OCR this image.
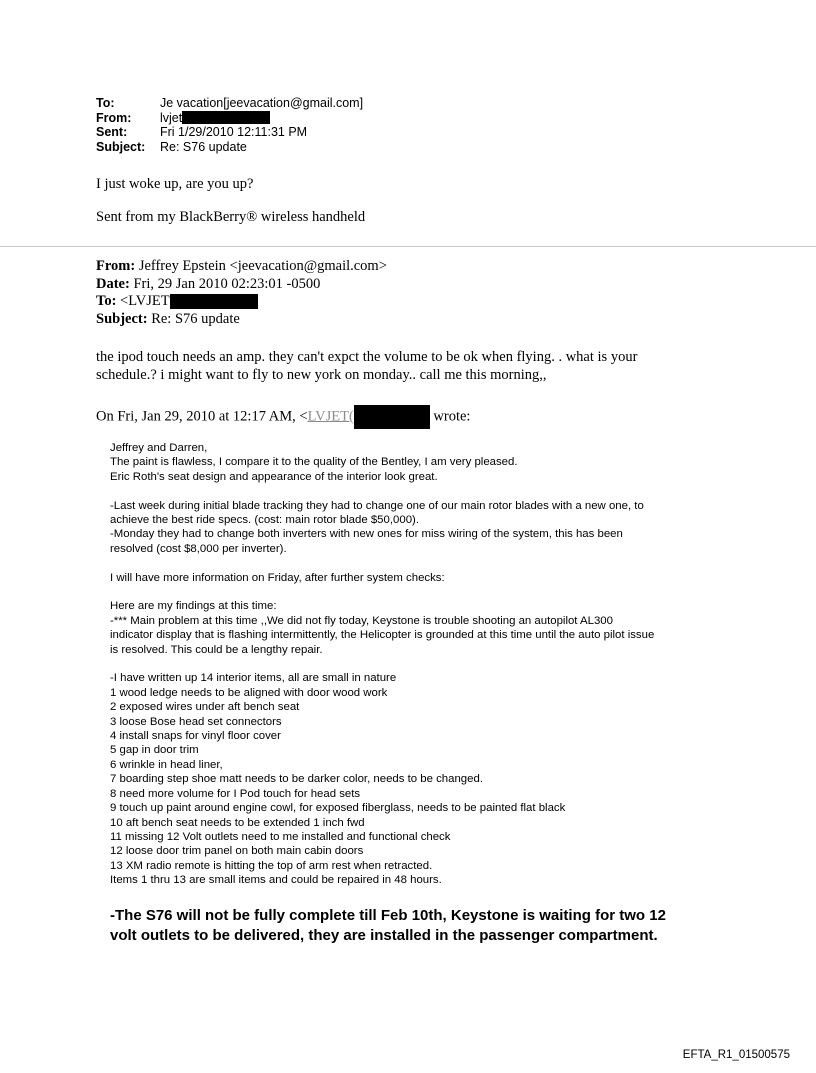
To:	Je vacation[jeevacation@gmail.com]
From:	lvjet
Sent:	Fri 1/29/2010 12:11:31 PM
Subject:	Re: S76 update
I just woke up, are you up?
Sent from my BlackBerry® wireless handheld
From: Jeffrey Epstein <jeevacation@gmail.com>
Date: Fri, 29 Jan 2010 02:23:01 -0500
To: <LVJET
Subject: Re: S76 update
the ipod touch needs an amp. they can't expct the volume to be ok when flying. . what is your
schedule.? i might want to fly to new york on monday.. call me this morning,,
On Fri, Jan 29, 2010 at 12:17 AM, <LVJET(	wrote:
Jeffrey and Darren,
The paint is flawless, I compare it to the quality of the Bentley, I am very pleased.
Eric Roth's seat design and appearance of the interior look great.
-Last week during initial blade tracking they had to change one of our main rotor blades with a new one, to
achieve the best ride specs. (cost: main rotor blade $50,000).
-Monday they had to change both inverters with new ones for miss wiring of the system, this has been
resolved (cost $8,000 per inverter).
I will have more information on Friday, after further system checks:
Here are my findings at this time:
-*** Main problem at this time ,,We did not fly today, Keystone is trouble shooting an autopilot AL300
indicator display that is flashing intermittently, the Helicopter is grounded at this time until the auto pilot issue
is resolved. This could be a lengthy repair.
-I have written up 14 interior items, all are small in nature
1 wood ledge needs to be aligned with door wood work
2 exposed wires under aft bench seat
3 loose Bose head set connectors
4 install snaps for vinyl floor cover
5 gap in door trim
6 wrinkle in head liner,
7 boarding step shoe matt needs to be darker color, needs to be changed.
8 need more volume for I Pod touch for head sets
9 touch up paint around engine cowl, for exposed fiberglass, needs to be painted flat black
10 aft bench seat needs to be extended 1 inch fwd
11 missing 12 Volt outlets need to me installed and functional check
12 loose door trim panel on both main cabin doors
13 XM radio remote is hitting the top of arm rest when retracted.
Items 1 thru 13 are small items and could be repaired in 48 hours.
-The S76 will not be fully complete till Feb 10th, Keystone is waiting for two 12
volt outlets to be delivered, they are installed in the passenger compartment.
EFTA_R1_01500575
